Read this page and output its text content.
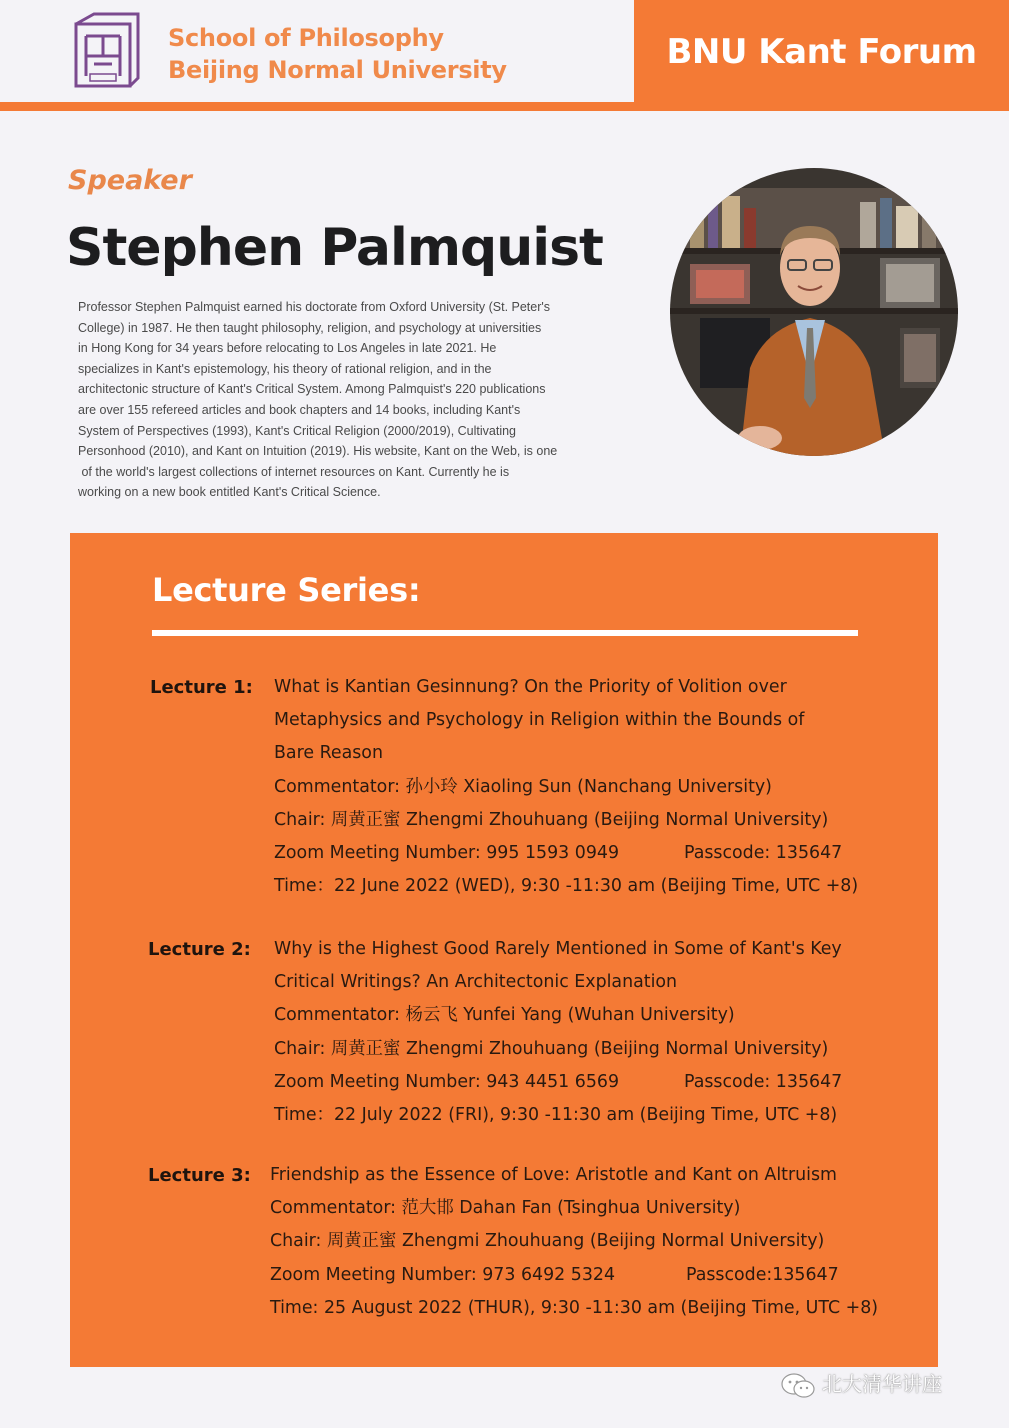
School of Philosophy
Beijing Normal University	BNU Kant Forum
Speaker
Stephen Palmquist
Professor Stephen Palmquist earned his doctorate from Oxford University (St. Peter's
College) in 1987. He then taught philosophy, religion, and psychology at universities
in Hong Kong for 34 years before relocating to Los Angeles in late 2021. He
specializes in Kant's epistemology, his theory of rational religion, and in the
architectonic structure of Kant's Critical System. Among Palmquist's 220 publications
are over 155 refereed articles and book chapters and 14 books, including Kant's
System of Perspectives (1993), Kant's Critical Religion (2000/2019), Cultivating
Personhood (2010), and Kant on Intuition (2019). His website, Kant on the Web, is one
of the world's largest collections of internet resources on Kant. Currently he is
working on a new book entitled Kant's Critical Science.
Lecture Series:
Lecture 1: What is Kantian Gesinnung? On the Priority of Volition over
Metaphysics and Psychology in Religion within the Bounds of
Bare Reason
Commentator: 孙小玲 Xiaoling Sun (Nanchang University)
Chair: 周黄正蜜 Zhengmi Zhouhuang (Beijing Normal University)
Zoom Meeting Number: 995 1593 0949	Passcode: 135647
Time：22 June 2022 (WED), 9:30 -11:30 am (Beijing Time, UTC +8)
Lecture 2: Why is the Highest Good Rarely Mentioned in Some of Kant's Key
Critical Writings? An Architectonic Explanation
Commentator: 杨云飞 Yunfei Yang (Wuhan University)
Chair: 周黄正蜜 Zhengmi Zhouhuang (Beijing Normal University)
Zoom Meeting Number: 943 4451 6569	Passcode: 135647
Time：22 July 2022 (FRI), 9:30 -11:30 am (Beijing Time, UTC +8)
Lecture 3: Friendship as the Essence of Love: Aristotle and Kant on Altruism
Commentator: 范大邯 Dahan Fan (Tsinghua University)
Chair: 周黄正蜜 Zhengmi Zhouhuang (Beijing Normal University)
Zoom Meeting Number: 973 6492 5324	Passcode:135647
Time: 25 August 2022 (THUR), 9:30 -11:30 am (Beijing Time, UTC +8)
北大清华讲座
